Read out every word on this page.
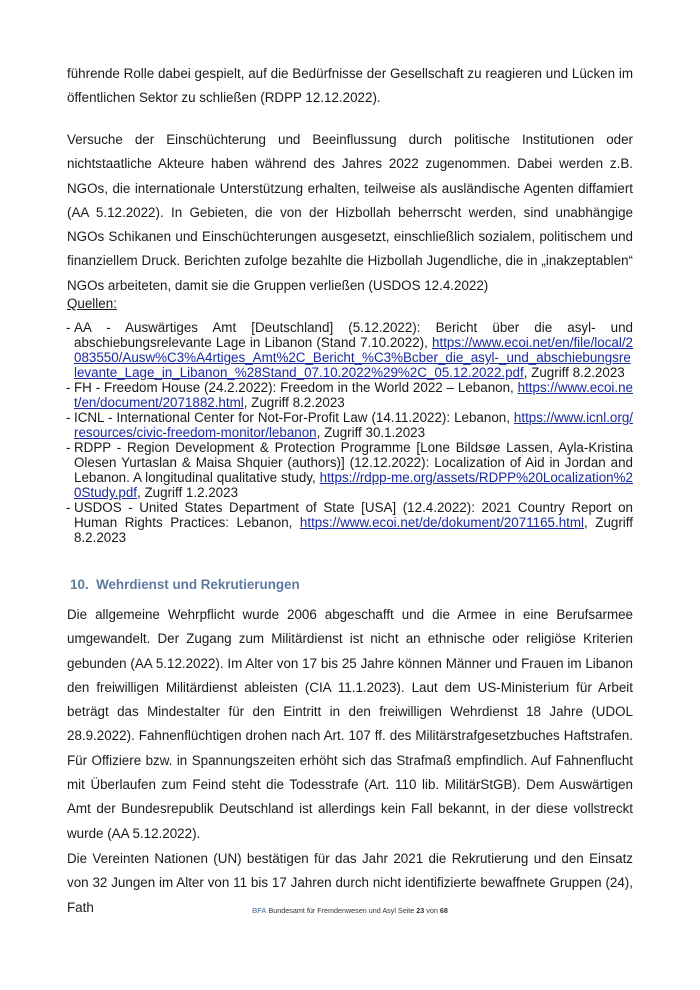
führende Rolle dabei gespielt, auf die Bedürfnisse der Gesellschaft zu reagieren und Lücken im öffentlichen Sektor zu schließen (RDPP 12.12.2022).

Versuche der Einschüchterung und Beeinflussung durch politische Institutionen oder nichtstaatliche Akteure haben während des Jahres 2022 zugenommen. Dabei werden z.B. NGOs, die internationale Unterstützung erhalten, teilweise als ausländische Agenten diffamiert (AA 5.12.2022). In Gebieten, die von der Hizbollah beherrscht werden, sind unabhängige NGOs Schikanen und Einschüchterungen ausgesetzt, einschließlich sozialem, politischem und finanziellem Druck. Berichten zufolge bezahlte die Hizbollah Jugendliche, die in „inakzeptablen“ NGOs arbeiteten, damit sie die Gruppen verließen (USDOS 12.4.2022)

Quellen:

- AA - Auswärtiges Amt [Deutschland] (5.12.2022): Bericht über die asyl- und abschiebungsrelevante Lage in Libanon (Stand 7.10.2022), https://www.ecoi.net/en/file/local/2083550/Ausw%C3%A4rtiges_Amt%2C_Bericht_%C3%Bcber_die_asyl-_und_abschiebungsrelevante_Lage_in_Libanon_%28Stand_07.10.2022%29%2C_05.12.2022.pdf, Zugriff 8.2.2023
- FH - Freedom House (24.2.2022): Freedom in the World 2022 – Lebanon, https://www.ecoi.net/en/document/2071882.html, Zugriff 8.2.2023
- ICNL - International Center for Not-For-Profit Law (14.11.2022): Lebanon, https://www.icnl.org/resources/civic-freedom-monitor/lebanon, Zugriff 30.1.2023
- RDPP - Region Development & Protection Programme [Lone Bildsøe Lassen, Ayla-Kristina Olesen Yurtaslan & Maisa Shquier (authors)] (12.12.2022): Localization of Aid in Jordan and Lebanon. A longitudinal qualitative study, https://rdpp-me.org/assets/RDPP%20Localization%20Study.pdf, Zugriff 1.2.2023
- USDOS - United States Department of State [USA] (12.4.2022): 2021 Country Report on Human Rights Practices: Lebanon, https://www.ecoi.net/de/dokument/2071165.html, Zugriff 8.2.2023
10. Wehrdienst und Rekrutierungen

Die allgemeine Wehrpflicht wurde 2006 abgeschafft und die Armee in eine Berufsarmee umgewandelt. Der Zugang zum Militärdienst ist nicht an ethnische oder religiöse Kriterien gebunden (AA 5.12.2022). Im Alter von 17 bis 25 Jahre können Männer und Frauen im Libanon den freiwilligen Militärdienst ableisten (CIA 11.1.2023). Laut dem US-Ministerium für Arbeit beträgt das Mindestalter für den Eintritt in den freiwilligen Wehrdienst 18 Jahre (UDOL 28.9.2022). Fahnenflüchtigen drohen nach Art. 107 ff. des Militärstrafgesetzbuches Haftstrafen. Für Offiziere bzw. in Spannungszeiten erhöht sich das Strafmaß empfindlich. Auf Fahnenflucht mit Überlaufen zum Feind steht die Todesstrafe (Art. 110 lib. MilitärStGB). Dem Auswärtigen Amt der Bundesrepublik Deutschland ist allerdings kein Fall bekannt, in der diese vollstreckt wurde (AA 5.12.2022).

Die Vereinten Nationen (UN) bestätigen für das Jahr 2021 die Rekrutierung und den Einsatz von 32 Jungen im Alter von 11 bis 17 Jahren durch nicht identifizierte bewaffnete Gruppen (24), Fath	BFA Bundesamt für Fremdenwesen und Asyl Seite 23 von 68
